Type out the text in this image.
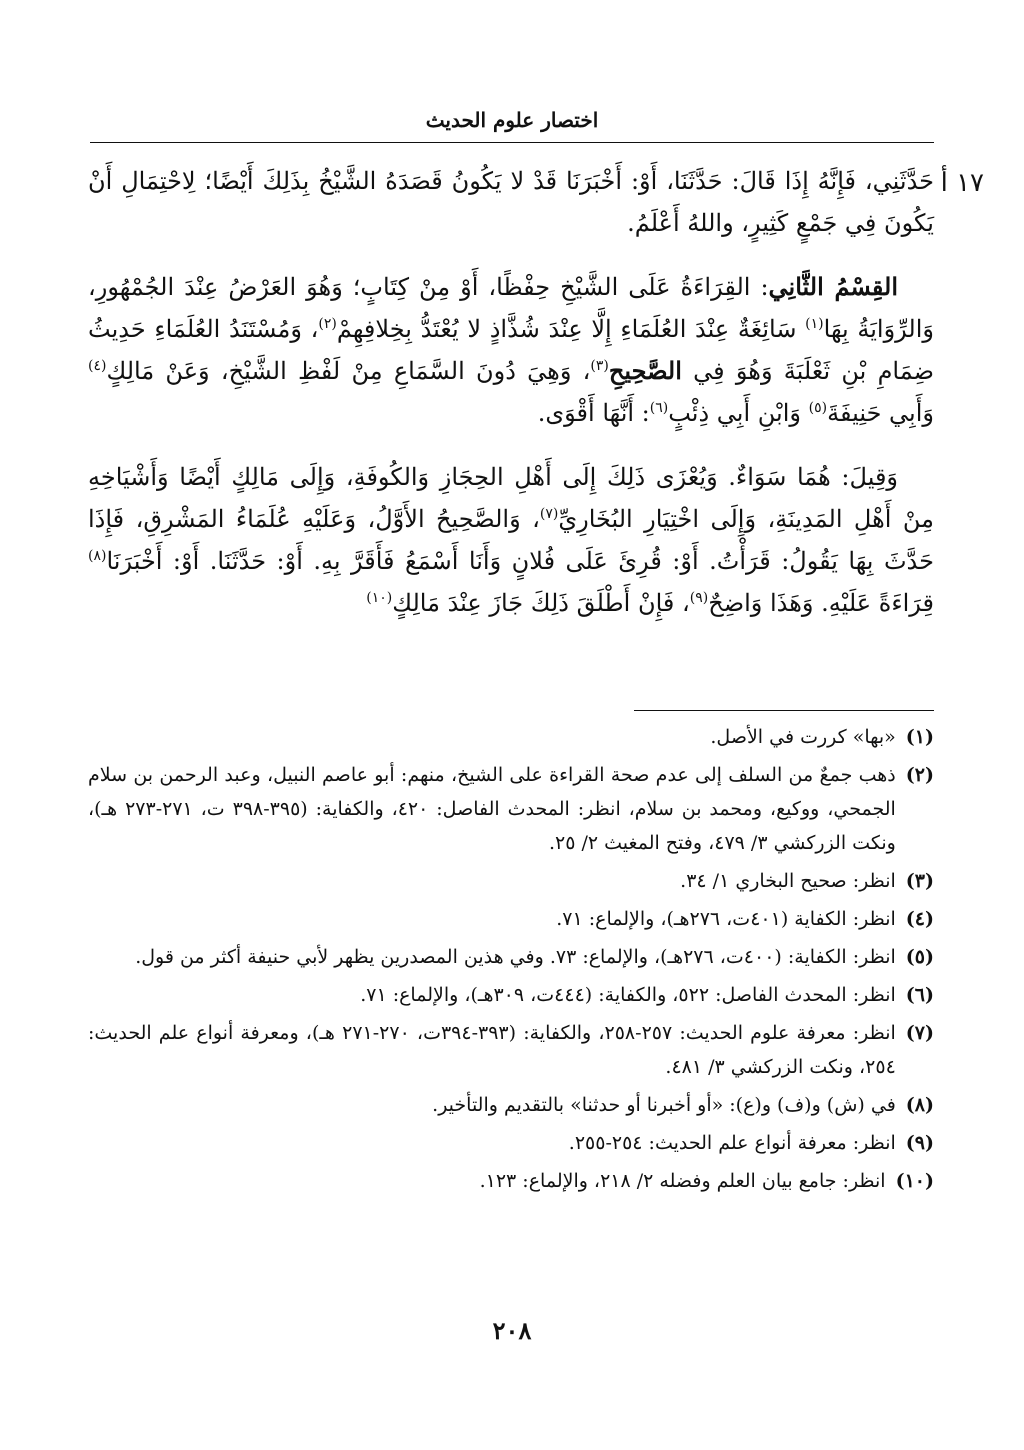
اختصار علوم الحديث
١٧ أ

حَدَّثَنِي، فَإِنَّهُ إِذَا قَالَ: حَدَّثَنَا، أَوْ: أَخْبَرَنَا قَدْ لا يَكُونُ قَصَدَهُ الشَّيْخُ بِذَلِكَ أَيْضًا؛ لِاحْتِمَالِ أَنْ يَكُونَ فِي جَمْعٍ كَثِيرٍ، واللهُ أَعْلَمُ.

القِسْمُ الثَّانِي: القِرَاءَةُ عَلَى الشَّيْخِ حِفْظًا، أَوْ مِنْ كِتَابٍ؛ وَهُوَ العَرْضُ عِنْدَ الجُمْهُورِ، وَالرِّوَايَةُ بِهَا$^{(١)}$ سَائِغَةٌ عِنْدَ العُلَمَاءِ إِلَّا عِنْدَ شُذَّاذٍ لا يُعْتَدُّ بِخِلافِهِمْ$^{(٢)}$، وَمُسْتَنَدُ العُلَمَاءِ حَدِيثُ ضِمَامِ بْنِ ثَعْلَبَةَ وَهُوَ فِي الصَّحِيحِ$^{(٣)}$، وَهِيَ دُونَ السَّمَاعِ مِنْ لَفْظِ الشَّيْخِ، وَعَنْ مَالِكٍ$^{(٤)}$ وَأَبِي حَنِيفَةَ$^{(٥)}$ وَابْنِ أَبِي ذِئْبٍ$^{(٦)}$: أَنَّهَا أَقْوَى.

وَقِيلَ: هُمَا سَوَاءٌ. وَيُعْزَى ذَلِكَ إِلَى أَهْلِ الحِجَازِ وَالكُوفَةِ، وَإِلَى مَالِكٍ أَيْضًا وَأَشْيَاخِهِ مِنْ أَهْلِ المَدِينَةِ، وَإِلَى اخْتِيَارِ البُخَارِيِّ$^{(٧)}$، وَالصَّحِيحُ الأَوَّلُ، وَعَلَيْهِ عُلَمَاءُ المَشْرِقِ، فَإِذَا حَدَّثَ بِهَا يَقُولُ: قَرَأْتُ. أَوْ: قُرِئَ عَلَى فُلانٍ وَأَنَا أَسْمَعُ فَأَقَرَّ بِهِ. أَوْ: حَدَّثَنَا. أَوْ: أَخْبَرَنَا$^{(٨)}$ قِرَاءَةً عَلَيْهِ. وَهَذَا وَاضِحٌ$^{(٩)}$، فَإِنْ أَطْلَقَ ذَلِكَ جَازَ عِنْدَ مَالِكٍ$^{(١٠)}$

(١)
«بها» كررت في الأصل.
(٢)
ذهب جمعٌ من السلف إلى عدم صحة القراءة على الشيخ، منهم: أبو عاصم النبيل، وعبد الرحمن بن سلام الجمحي، ووكيع، ومحمد بن سلام، انظر: المحدث الفاصل: ٤٢٠، والكفاية: (٣٩٥-٣٩٨ ت، ٢٧١-٢٧٣ هـ)، ونكت الزركشي ٣/ ٤٧٩، وفتح المغيث ٢/ ٢٥.
(٣)
انظر: صحيح البخاري ١/ ٣٤.
(٤)
انظر: الكفاية (٤٠١ت، ٢٧٦هـ)، والإلماع: ٧١.
(٥)
انظر: الكفاية: (٤٠٠ت، ٢٧٦هـ)، والإلماع: ٧٣. وفي هذين المصدرين يظهر لأبي حنيفة أكثر من قول.
(٦)
انظر: المحدث الفاصل: ٥٢٢، والكفاية: (٤٤٤ت، ٣٠٩هـ)، والإلماع: ٧١.
(٧)
انظر: معرفة علوم الحديث: ٢٥٧-٢٥٨، والكفاية: (٣٩٣-٣٩٤ت، ٢٧٠-٢٧١ هـ)، ومعرفة أنواع علم الحديث: ٢٥٤، ونكت الزركشي ٣/ ٤٨١.
(٨)
في (ش) و(ف) و(ع): «أو أخبرنا أو حدثنا» بالتقديم والتأخير.
(٩)
انظر: معرفة أنواع علم الحديث: ٢٥٤-٢٥٥.
(١٠)
انظر: جامع بيان العلم وفضله ٢/ ٢١٨، والإلماع: ١٢٣.
٢٠٨
